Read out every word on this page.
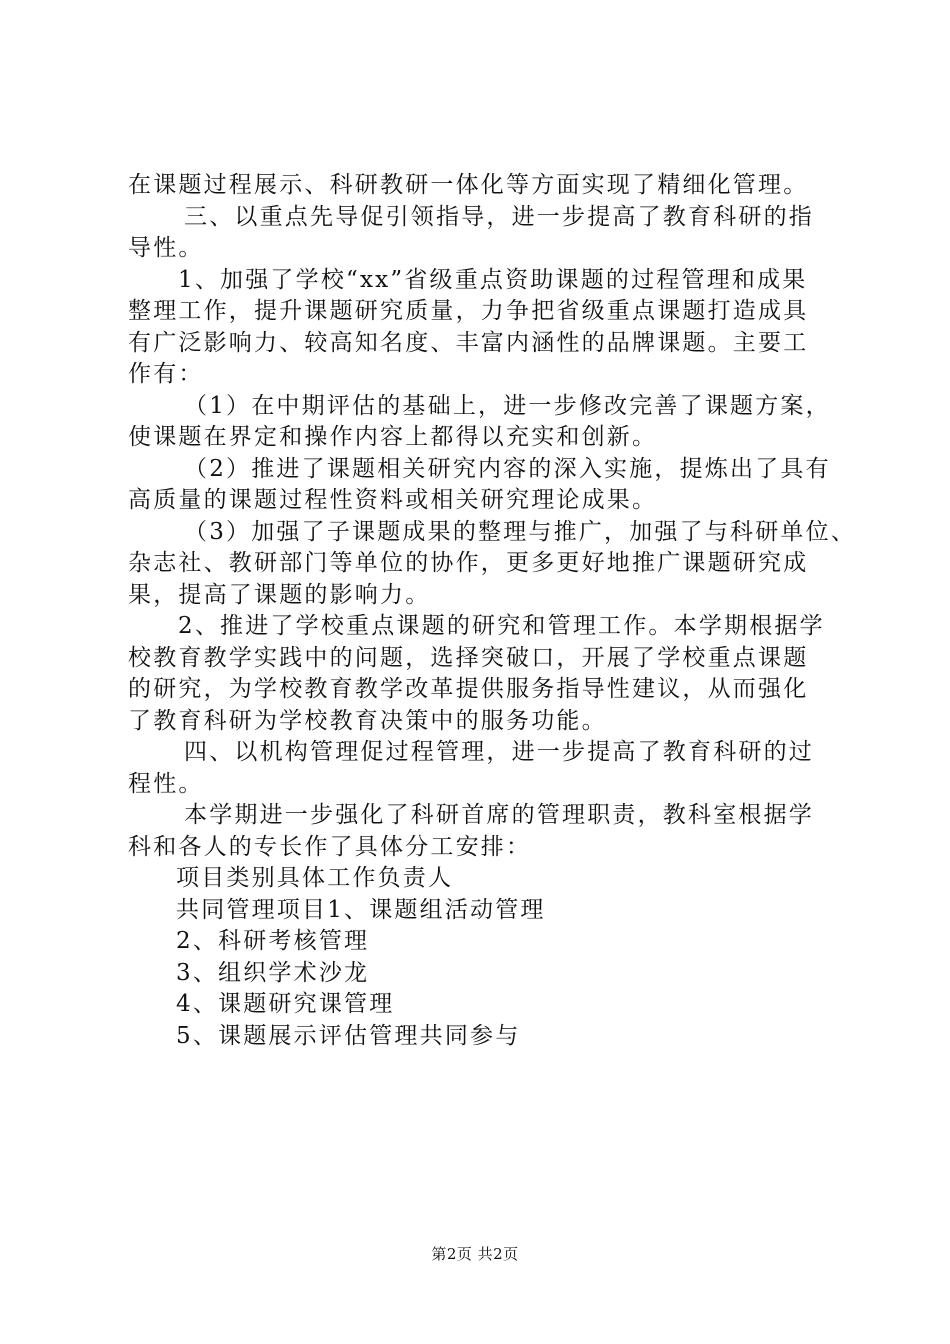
在课题过程展示、科研教研一体化等方面实现了精细化管理。
三、以重点先导促引领指导，进一步提高了教育科研的指
导性。
1、加强了学校“xx”省级重点资助课题的过程管理和成果
整理工作，提升课题研究质量，力争把省级重点课题打造成具
有广泛影响力、较高知名度、丰富内涵性的品牌课题。主要工
作有：
（1）在中期评估的基础上，进一步修改完善了课题方案，
使课题在界定和操作内容上都得以充实和创新。
（2）推进了课题相关研究内容的深入实施，提炼出了具有
高质量的课题过程性资料或相关研究理论成果。
（3）加强了子课题成果的整理与推广，加强了与科研单位、
杂志社、教研部门等单位的协作，更多更好地推广课题研究成
果，提高了课题的影响力。
2、推进了学校重点课题的研究和管理工作。本学期根据学
校教育教学实践中的问题，选择突破口，开展了学校重点课题
的研究，为学校教育教学改革提供服务指导性建议，从而强化
了教育科研为学校教育决策中的服务功能。
四、以机构管理促过程管理，进一步提高了教育科研的过
程性。
本学期进一步强化了科研首席的管理职责，教科室根据学
科和各人的专长作了具体分工安排：
项目类别具体工作负责人
共同管理项目1、课题组活动管理
2、科研考核管理
3、组织学术沙龙
4、课题研究课管理
5、课题展示评估管理共同参与
第2页 共2页
